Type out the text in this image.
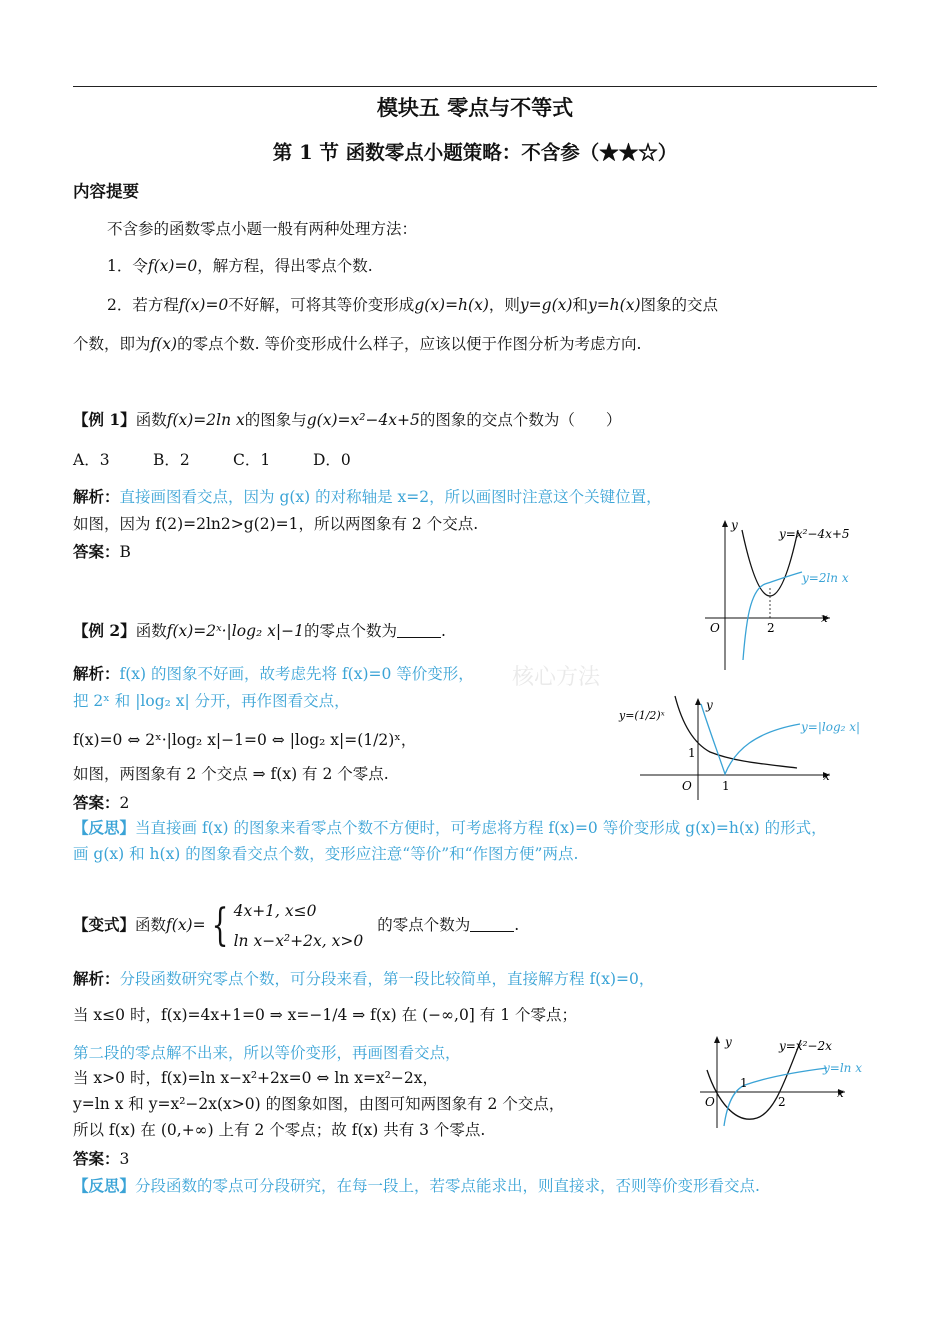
模块五 零点与不等式
第 1 节 函数零点小题策略：不含参（★★☆）
内容提要
不含参的函数零点小题一般有两种处理方法：
1．令f(x)=0，解方程，得出零点个数.
2．若方程f(x)=0不好解，可将其等价变形成g(x)=h(x)，则y=g(x)和y=h(x)图象的交点
个数，即为f(x)的零点个数. 等价变形成什么样子，应该以便于作图分析为考虑方向.
【例 1】函数f(x)=2ln x的图象与g(x)=x²−4x+5的图象的交点个数为（　　）
A．3	B．2	C．1	D．0
解析：直接画图看交点，因为 g(x) 的对称轴是 x=2，所以画图时注意这个关键位置，
如图，因为 f(2)=2ln2>g(2)=1，所以两图象有 2 个交点.
答案：B
y
x
O	2
y=x²−4x+5
y=2ln x
【例 2】函数f(x)=2ˣ·|log₂ x|−1的零点个数为	.
解析：f(x) 的图象不好画，故考虑先将 f(x)=0 等价变形， 核心方法
把 2ˣ 和 |log₂ x| 分开，再作图看交点，
f(x)=0 ⇔ 2ˣ·|log₂ x|−1=0 ⇔ |log₂ x|=(1/2)ˣ，
如图，两图象有 2 个交点 ⇒ f(x) 有 2 个零点.
答案：2
【反思】当直接画 f(x) 的图象来看零点个数不方便时，可考虑将方程 f(x)=0 等价变形成 g(x)=h(x) 的形式，
画 g(x) 和 h(x) 的图象看交点个数，变形应注意“等价”和“作图方便”两点.
y
x
O	1
1
y=(1/2)ˣ
y=|log₂ x|
【变式】函数f(x)= { 4x+1, x≤0
ln x−x²+2x, x>0
的零点个数为	.
解析：分段函数研究零点个数，可分段来看，第一段比较简单，直接解方程 f(x)=0，
当 x≤0 时，f(x)=4x+1=0 ⇒ x=−1/4 ⇒ f(x) 在 (−∞,0] 有 1 个零点；
第二段的零点解不出来，所以等价变形，再画图看交点，
当 x>0 时，f(x)=ln x−x²+2x=0 ⇔ ln x=x²−2x，
y=ln x 和 y=x²−2x(x>0) 的图象如图，由图可知两图象有 2 个交点，
所以 f(x) 在 (0,+∞) 上有 2 个零点；故 f(x) 共有 3 个零点.
答案：3
【反思】分段函数的零点可分段研究，在每一段上，若零点能求出，则直接求，否则等价变形看交点.
y
x
O
1
2
y=x²−2x
y=ln x
